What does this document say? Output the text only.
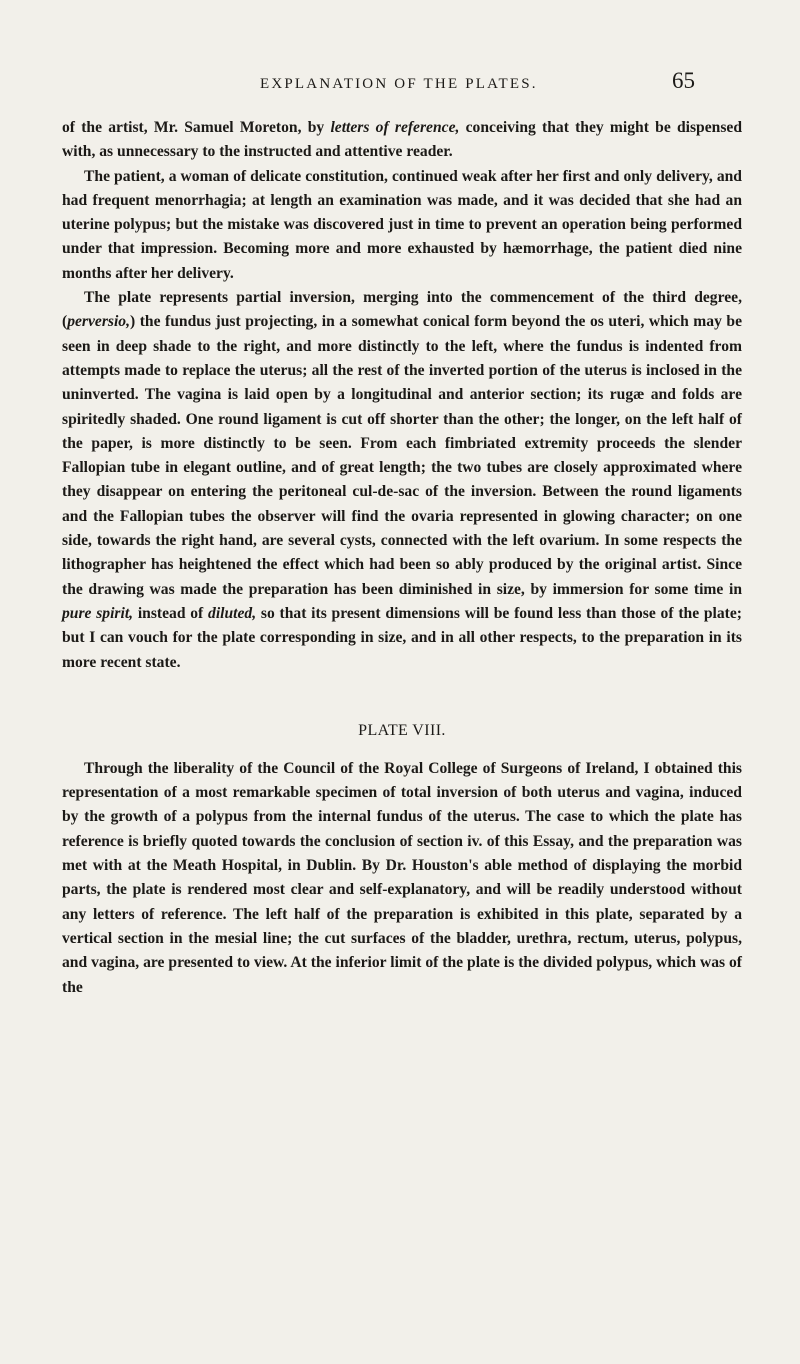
EXPLANATION OF THE PLATES.	65

of the artist, Mr. Samuel Moreton, by letters of reference, conceiving that they might be dispensed with, as unnecessary to the instructed and attentive reader.

The patient, a woman of delicate constitution, continued weak after her first and only delivery, and had frequent menorrhagia; at length an examination was made, and it was decided that she had an uterine polypus; but the mistake was discovered just in time to prevent an operation being performed under that impression. Becoming more and more exhausted by hæmorrhage, the patient died nine months after her delivery.

The plate represents partial inversion, merging into the commencement of the third degree, (perversio,) the fundus just projecting, in a somewhat conical form beyond the os uteri, which may be seen in deep shade to the right, and more distinctly to the left, where the fundus is indented from attempts made to replace the uterus; all the rest of the inverted portion of the uterus is inclosed in the uninverted. The vagina is laid open by a longitudinal and anterior section; its rugæ and folds are spiritedly shaded. One round ligament is cut off shorter than the other; the longer, on the left half of the paper, is more distinctly to be seen. From each fimbriated extremity proceeds the slender Fallopian tube in elegant outline, and of great length; the two tubes are closely approximated where they disappear on entering the peritoneal cul-de-sac of the inversion. Between the round ligaments and the Fallopian tubes the observer will find the ovaria represented in glowing character; on one side, towards the right hand, are several cysts, connected with the left ovarium. In some respects the lithographer has heightened the effect which had been so ably produced by the original artist. Since the drawing was made the preparation has been diminished in size, by immersion for some time in pure spirit, instead of diluted, so that its present dimensions will be found less than those of the plate; but I can vouch for the plate corresponding in size, and in all other respects, to the preparation in its more recent state.

PLATE VIII.

Through the liberality of the Council of the Royal College of Surgeons of Ireland, I obtained this representation of a most remarkable specimen of total inversion of both uterus and vagina, induced by the growth of a polypus from the internal fundus of the uterus. The case to which the plate has reference is briefly quoted towards the conclusion of section iv. of this Essay, and the preparation was met with at the Meath Hospital, in Dublin. By Dr. Houston's able method of displaying the morbid parts, the plate is rendered most clear and self-explanatory, and will be readily understood without any letters of reference. The left half of the preparation is exhibited in this plate, separated by a vertical section in the mesial line; the cut surfaces of the bladder, urethra, rectum, uterus, polypus, and vagina, are presented to view. At the inferior limit of the plate is the divided polypus, which was of the
